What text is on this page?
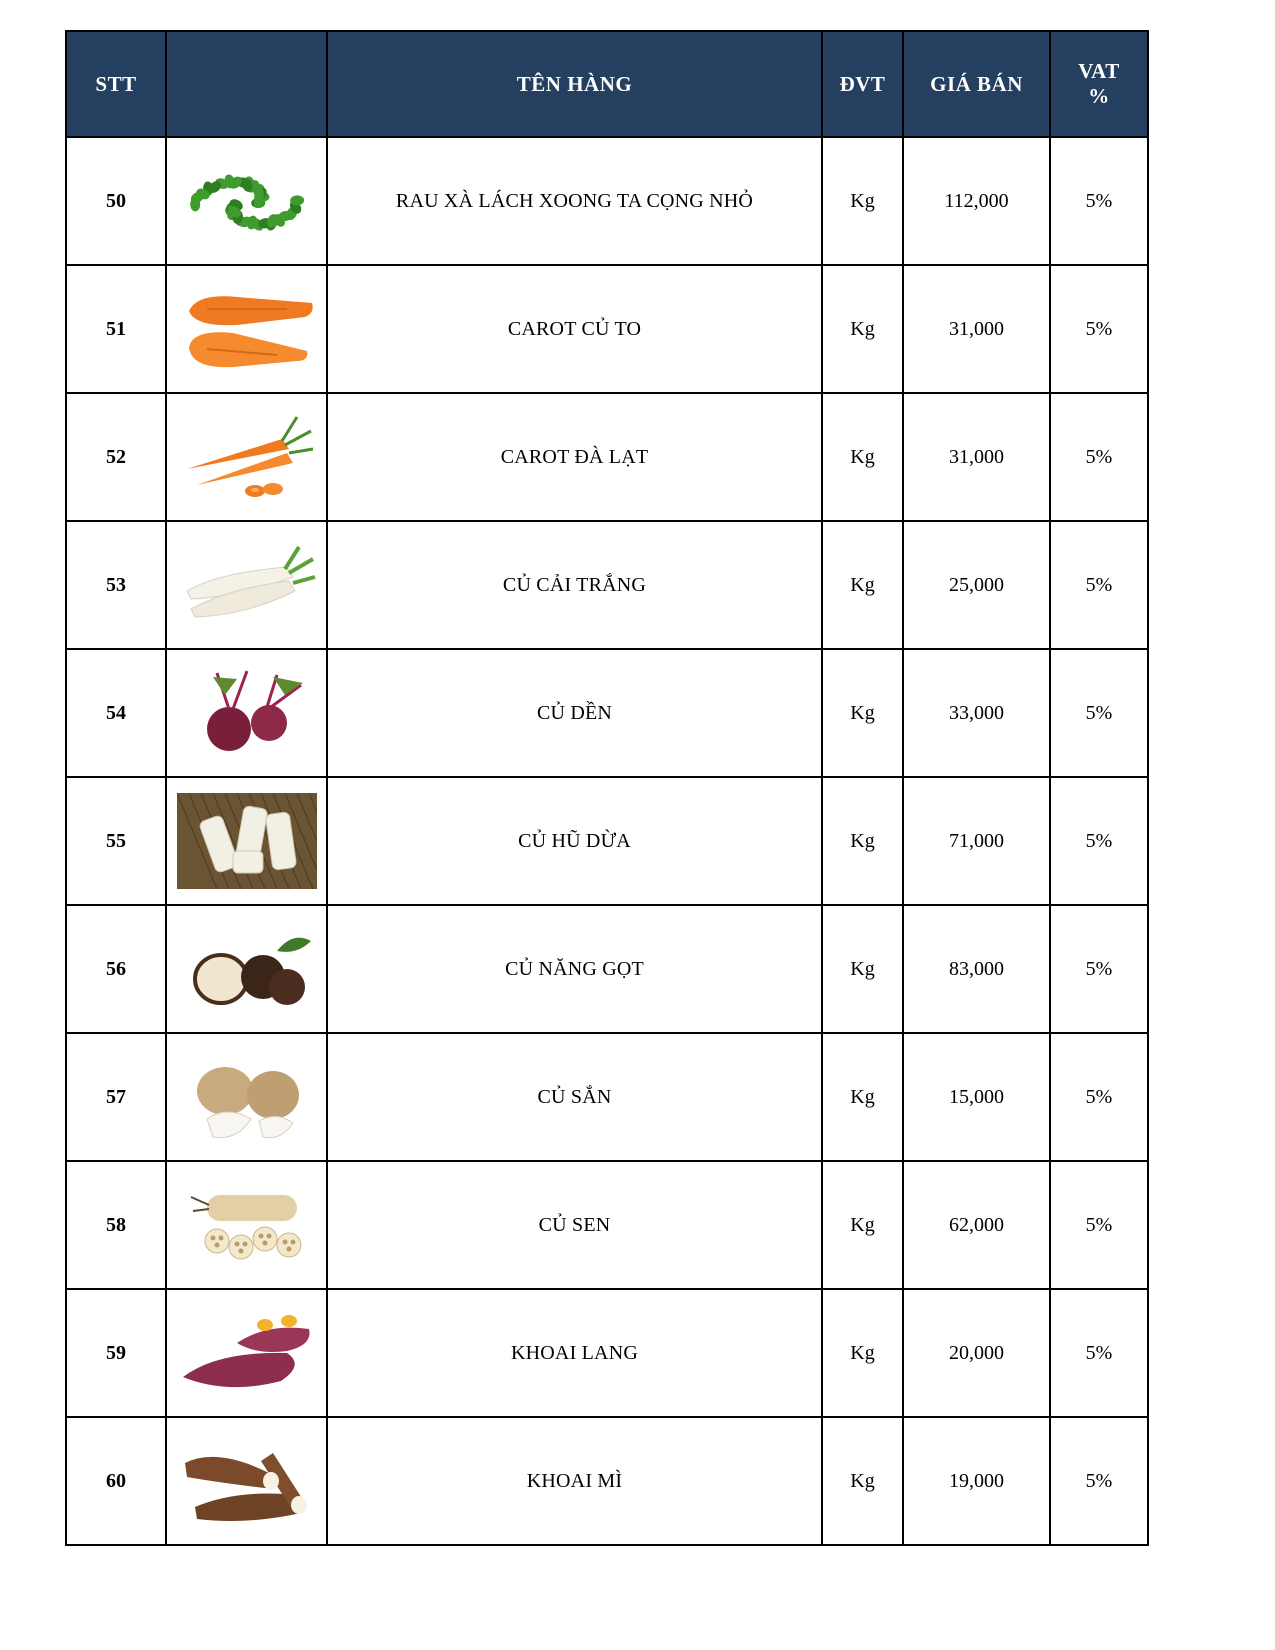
STT		TÊN HÀNG	ĐVT	GIÁ BÁN	VAT
%
50		RAU XÀ LÁCH XOONG TA CỌNG NHỎ	Kg	112,000	5%
51		CAROT CỦ TO	Kg	31,000	5%
52		CAROT ĐÀ LẠT	Kg	31,000	5%
53		CỦ CẢI TRẮNG	Kg	25,000	5%
54		CỦ DỀN	Kg	33,000	5%
55		CỦ HŨ DỪA	Kg	71,000	5%
56		CỦ NĂNG GỌT	Kg	83,000	5%
57		CỦ SẮN	Kg	15,000	5%
58		CỦ SEN	Kg	62,000	5%
59		KHOAI LANG	Kg	20,000	5%
60		KHOAI MÌ	Kg	19,000	5%
